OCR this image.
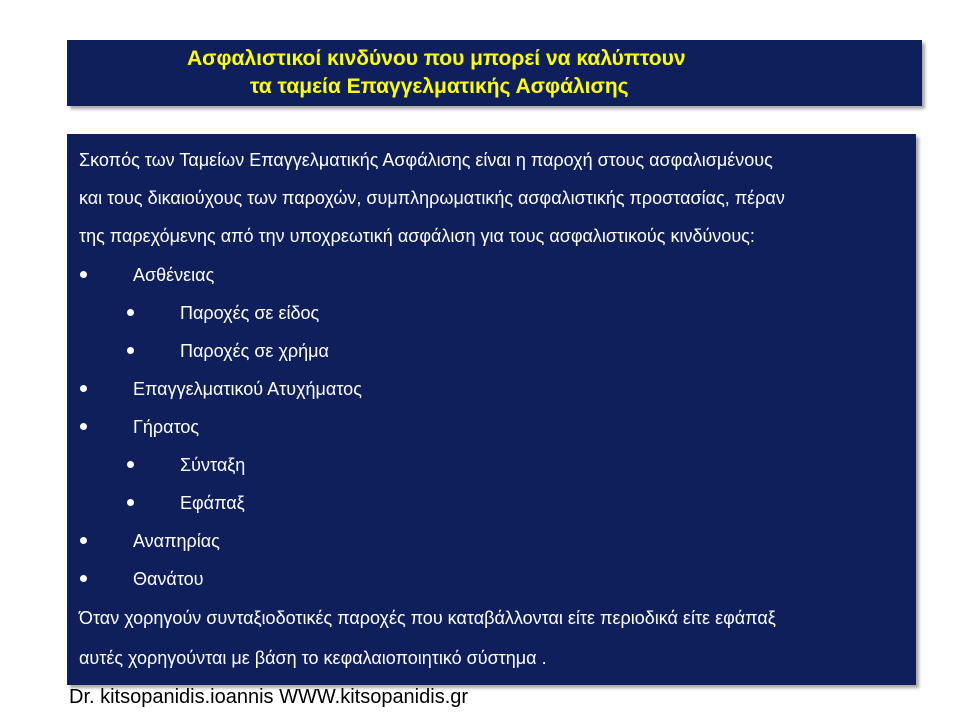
Ασφαλιστικοί κινδύνου που μπορεί να καλύπτουν
τα ταμεία Επαγγελματικής Ασφάλισης
Σκοπός των Ταμείων Επαγγελματικής Ασφάλισης είναι η παροχή στους ασφαλισμένους
και τους δικαιούχους των παροχών, συμπληρωματικής ασφαλιστικής προστασίας, πέραν
της παρεχόμενης από την υποχρεωτική ασφάλιση για τους ασφαλιστικούς κινδύνους:
Ασθένειας
Παροχές σε είδος
Παροχές σε χρήμα
Επαγγελματικού Ατυχήματος
Γήρατος
Σύνταξη
Εφάπαξ
Αναπηρίας
Θανάτου
Όταν χορηγούν συνταξιοδοτικές παροχές που καταβάλλονται είτε περιοδικά είτε εφάπαξ
αυτές χορηγούνται με βάση το κεφαλαιοποιητικό σύστημα .
Dr. kitsopanidis.ioannis WWW.kitsopanidis.gr
